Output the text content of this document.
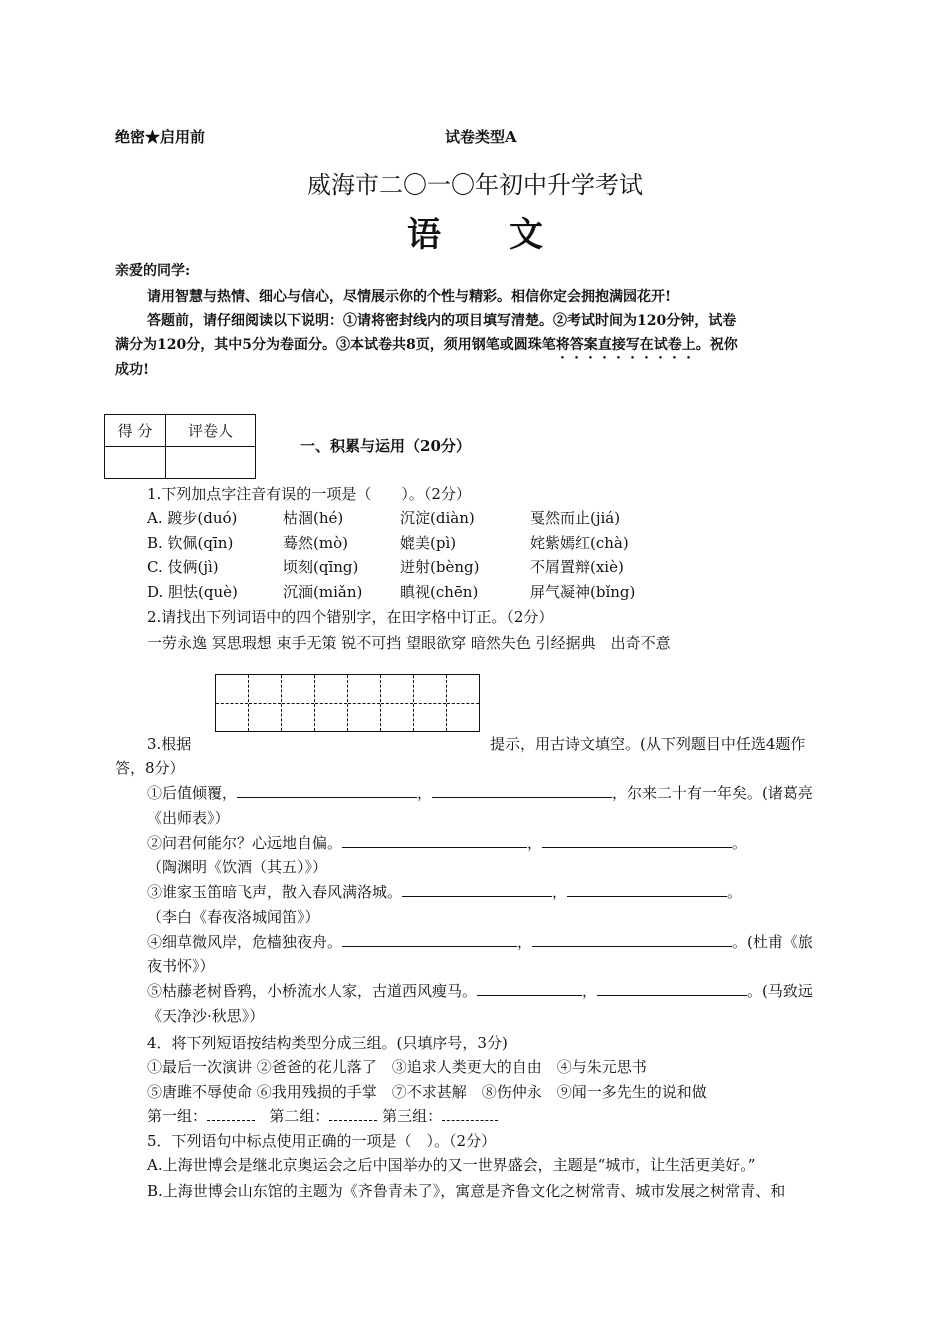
绝密★启用前	试卷类型A
威海市二〇一〇年初中升学考试
语　　文
亲爱的同学:
请用智慧与热情、细心与信心，尽情展示你的个性与精彩。相信你定会拥抱满园花开!
答题前，请仔细阅读以下说明：①请将密封线内的项目填写清楚。②考试时间为120分钟，试卷
满分为120分，其中5分为卷面分。③本试卷共8页，须用钢笔或圆珠笔将答案直接写在试卷上。祝你
成功!
得 分	评卷人

一、积累与运用（20分）
1.下列加点字注音有误的一项是（　　）。（2分）
A. 踱步(duó)	枯涸(hé)	沉淀(diàn)	戛然而止(jiá)
B. 钦佩(qīn)	蓦然(mò)	媲美(pì)	姹紫嫣红(chà)
C. 伎俩(jì)	顷刻(qīng)	迸射(bèng)	不屑置辩(xiè)
D. 胆怯(què)	沉湎(miǎn)	瞋视(chēn)	屏气凝神(bǐng)
2.请找出下列词语中的四个错别字，在田字格中订正。（2分）
一劳永逸 冥思瑕想 束手无策 锐不可挡 望眼欲穿 暗然失色 引经据典　出奇不意
3.根据	提示，用古诗文填空。(从下列题目中任选4题作
答，8分）
①后值倾覆，	，	，尔来二十有一年矣。(诸葛亮
《出师表》）
②问君何能尔？心远地自偏。	，	。
（陶渊明《饮酒（其五）》）
③谁家玉笛暗飞声，散入春风满洛城。	，	。
（李白《春夜洛城闻笛》）
④细草微风岸，危樯独夜舟。	，	。(杜甫《旅
夜书怀》）
⑤枯藤老树昏鸦，小桥流水人家，古道西风瘦马。	，	。(马致远
《天净沙·秋思》）
4．将下列短语按结构类型分成三组。(只填序号，3分)
①最后一次演讲 ②爸爸的花儿落了　③追求人类更大的自由　④与朱元思书
⑤唐雎不辱使命 ⑥我用残损的手掌　⑦不求甚解　⑧伤仲永　⑨闻一多先生的说和做
第一组：	第二组：	第三组：
5．下列语句中标点使用正确的一项是（　）。（2分）
A.上海世博会是继北京奥运会之后中国举办的又一世界盛会，主题是“城市，让生活更美好。”
B.上海世博会山东馆的主题为《齐鲁青未了》，寓意是齐鲁文化之树常青、城市发展之树常青、和
